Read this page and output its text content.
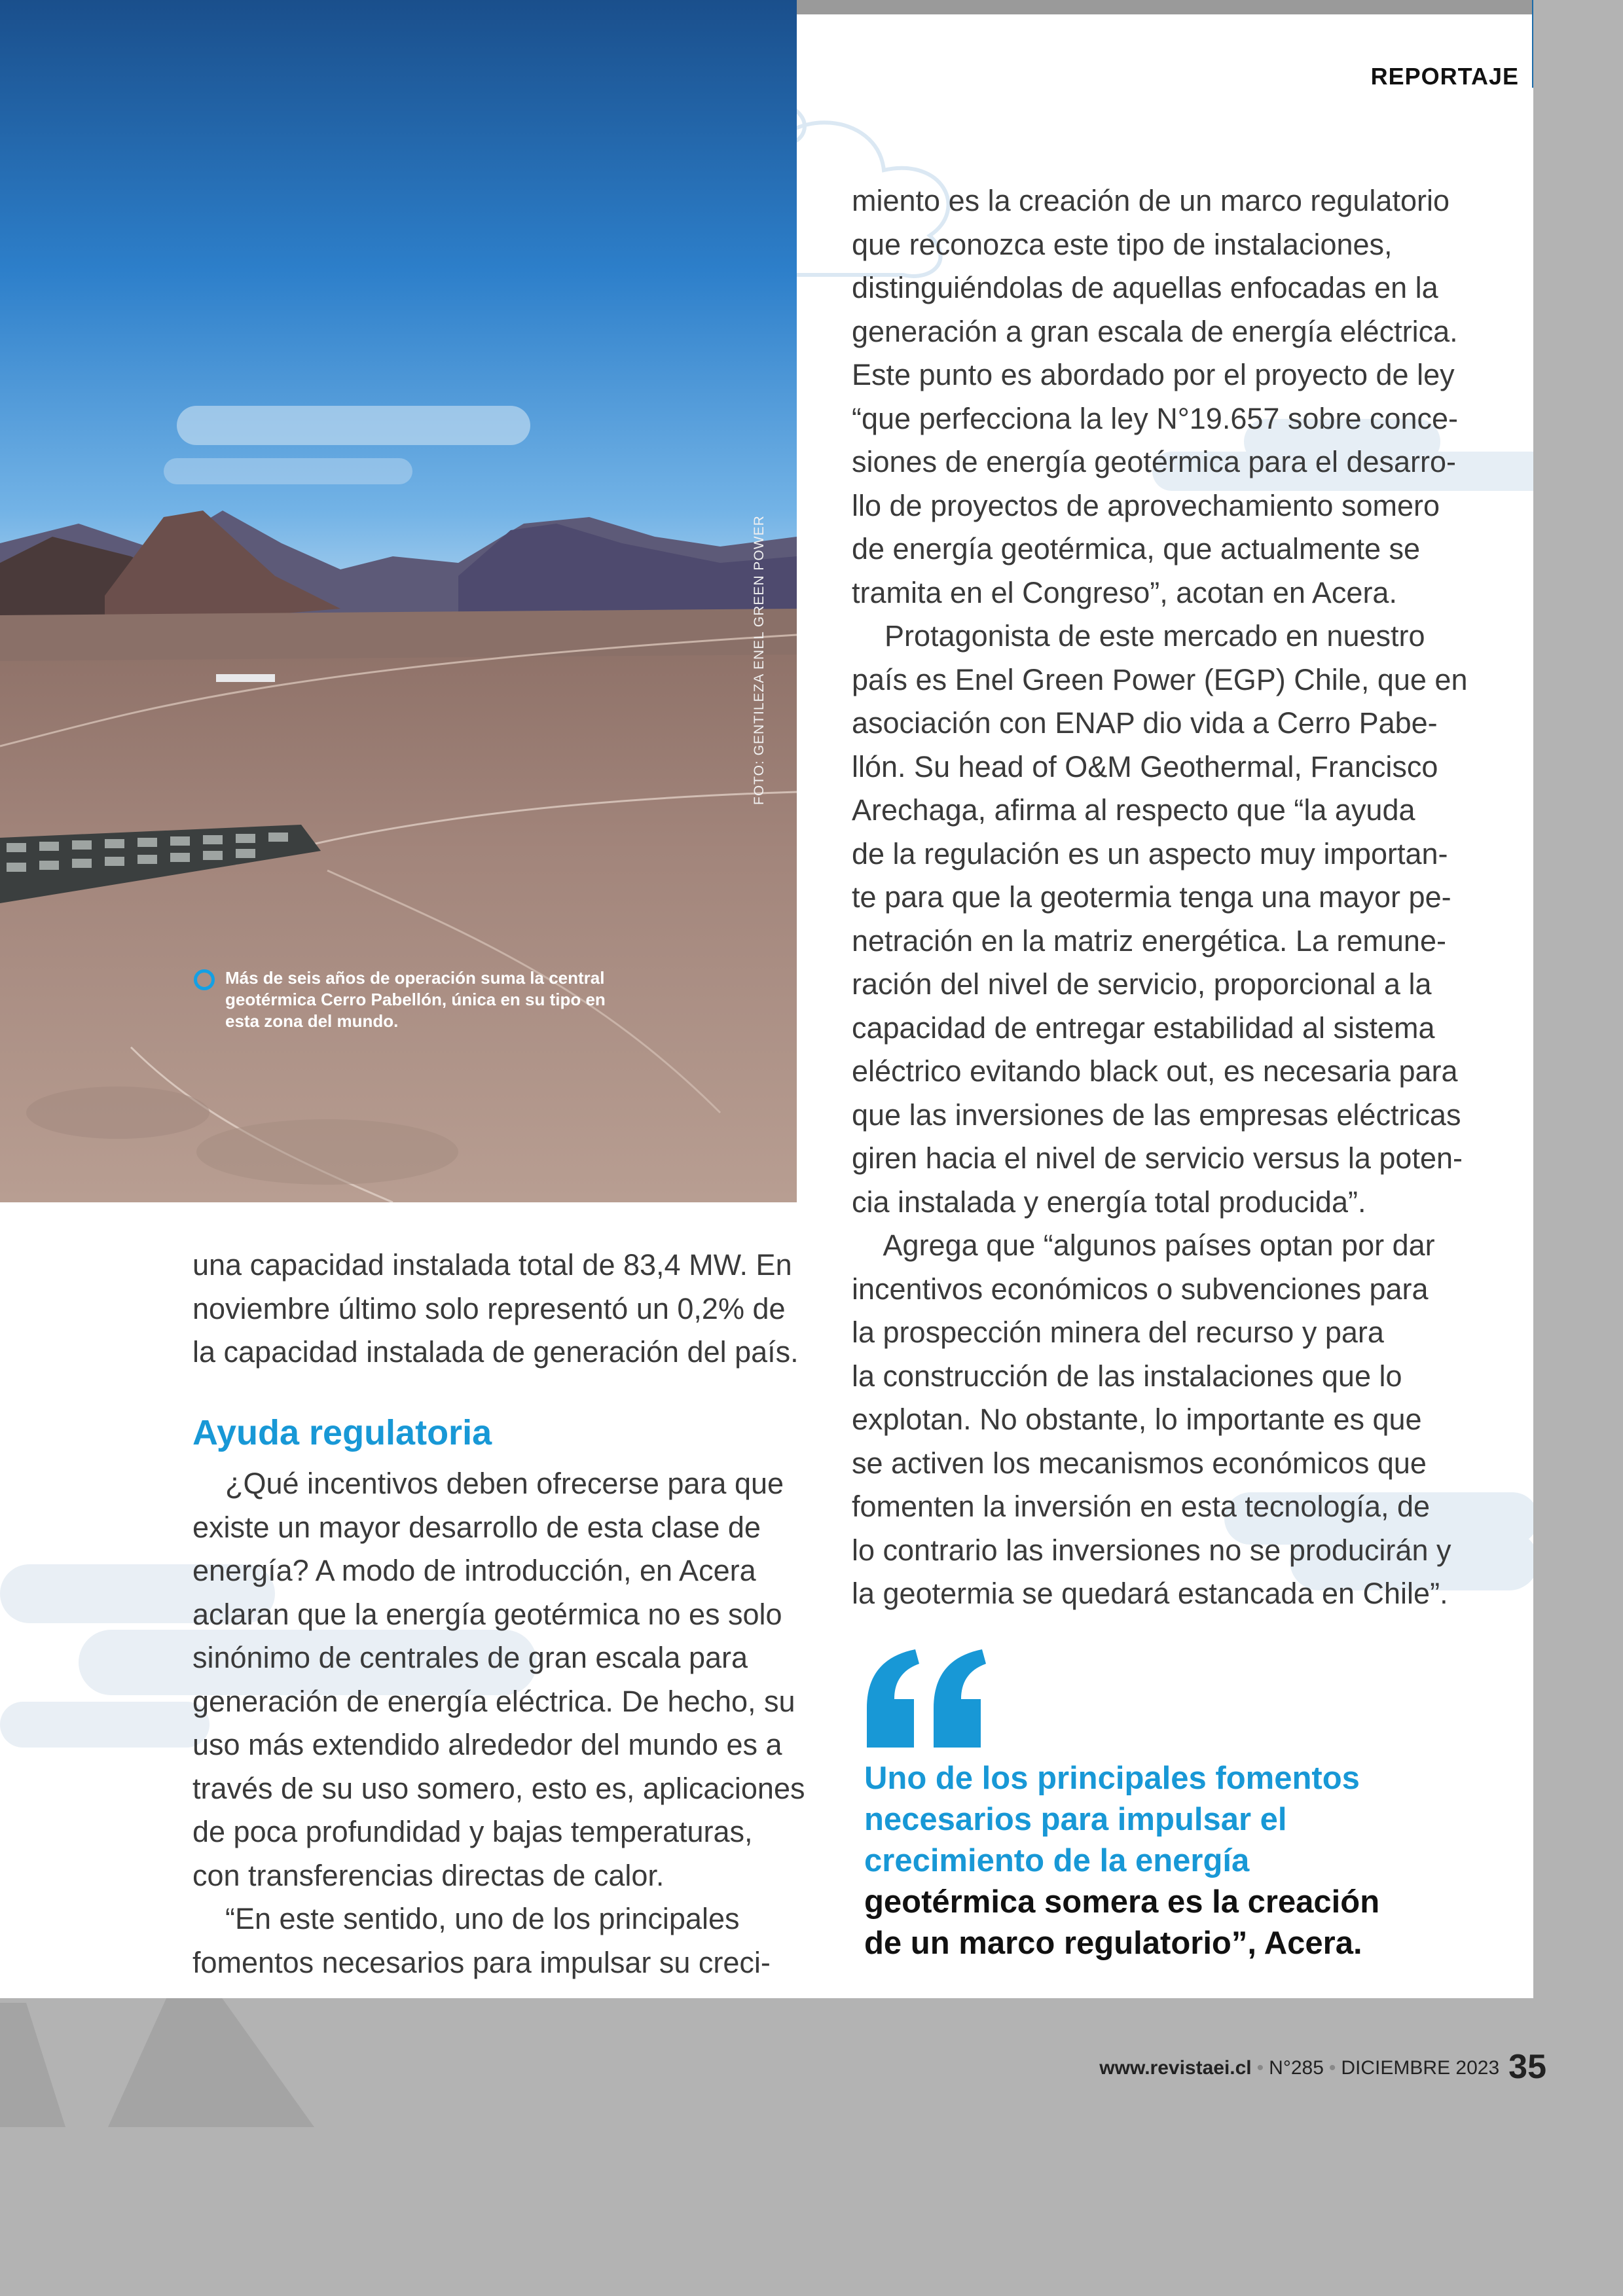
FOTO: GENTILEZA ENEL GREEN POWER
Más de seis años de operación suma la central geotérmica Cerro Pabellón, única en su tipo en esta zona del mundo.
REPORTAJE

miento es la creación de un marco regulatorio
que reconozca este tipo de instalaciones,
distinguiéndolas de aquellas enfocadas en la
generación a gran escala de energía eléctrica.
Este punto es abordado por el proyecto de ley
“que perfecciona la ley N°19.657 sobre conce-
siones de energía geotérmica para el desarro-
llo de proyectos de aprovechamiento somero
de energía geotérmica, que actualmente se
tramita en el Congreso”, acotan en Acera.
Protagonista de este mercado en nuestro
país es Enel Green Power (EGP) Chile, que en
asociación con ENAP dio vida a Cerro Pabe-
llón. Su head of O&M Geothermal, Francisco
Arechaga, afirma al respecto que “la ayuda
de la regulación es un aspecto muy importan-
te para que la geotermia tenga una mayor pe-
netración en la matriz energética. La remune-
ración del nivel de servicio, proporcional a la
capacidad de entregar estabilidad al sistema
eléctrico evitando black out, es necesaria para
que las inversiones de las empresas eléctricas
giren hacia el nivel de servicio versus la poten-
cia instalada y energía total producida”.
Agrega que “algunos países optan por dar
incentivos económicos o subvenciones para
la prospección minera del recurso y para
la construcción de las instalaciones que lo
explotan. No obstante, lo importante es que
se activen los mecanismos económicos que
fomenten la inversión en esta tecnología, de
lo contrario las inversiones no se producirán y
la geotermia se quedará estancada en Chile”.

una capacidad instalada total de 83,4 MW. En
noviembre último solo representó un 0,2% de
la capacidad instalada de generación del país.

Ayuda regulatoria

¿Qué incentivos deben ofrecerse para que
existe un mayor desarrollo de esta clase de
energía? A modo de introducción, en Acera
aclaran que la energía geotérmica no es solo
sinónimo de centrales de gran escala para
generación de energía eléctrica. De hecho, su
uso más extendido alrededor del mundo es a
través de su uso somero, esto es, aplicaciones
de poca profundidad y bajas temperaturas,
con transferencias directas de calor.
“En este sentido, uno de los principales
fomentos necesarios para impulsar su creci-

Uno de los principales fomentos
necesarios para impulsar el
crecimiento de la energía
geotérmica somera es la creación
de un marco regulatorio”, Acera.
www.revistaei.cl • N°285 • DICIEMBRE 2023 35
